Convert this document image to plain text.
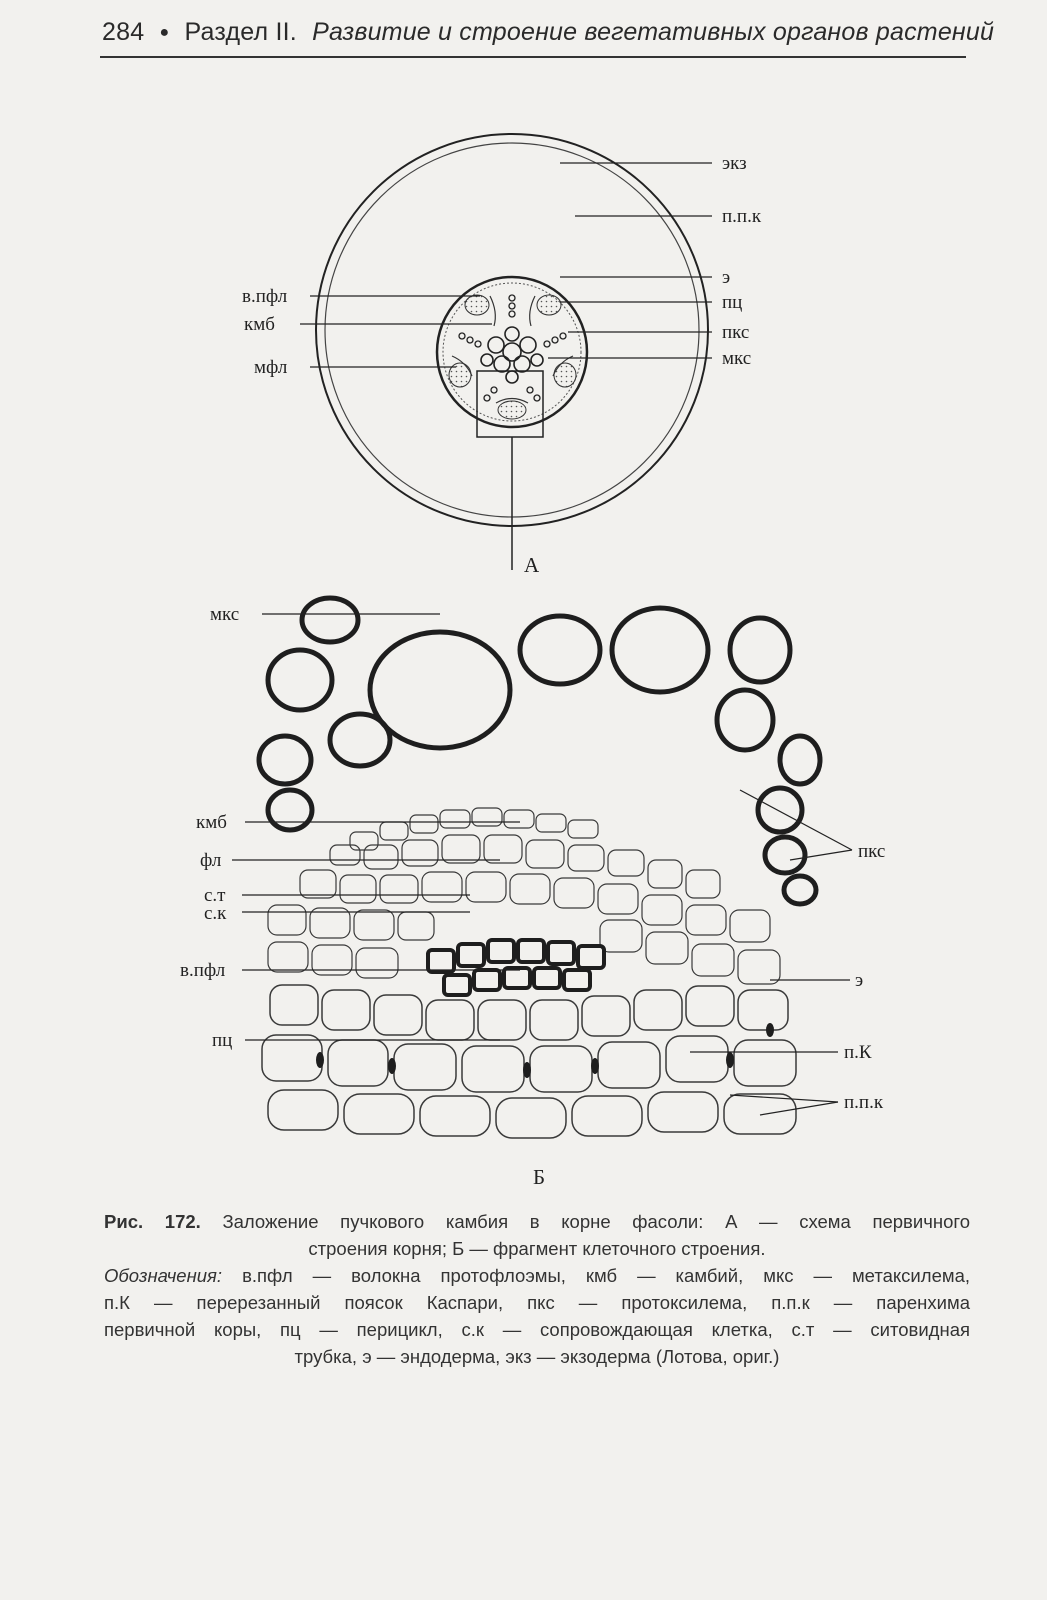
284 ● Раздел II. Развитие и строение вегетативных органов растений
экз
п.п.к
э
пц
пкс
мкс
в.пфл
кмб
мфл
А
мкс
кмб
фл
с.т
с.к
в.пфл
пц
пкс
э
п.К
п.п.к
Б
Рис. 172. Заложение пучкового камбия в корне фасоли: А — схема первичного
строения корня; Б — фрагмент клеточного строения.
Обозначения: в.пфл — волокна протофлоэмы, кмб — камбий, мкс — метаксилема,
п.К — перерезанный поясок Каспари, пкс — протоксилема, п.п.к — паренхима
первичной коры, пц — перицикл, с.к — сопровождающая клетка, с.т — ситовидная
трубка, э — эндодерма, экз — экзодерма (Лотова, ориг.)
